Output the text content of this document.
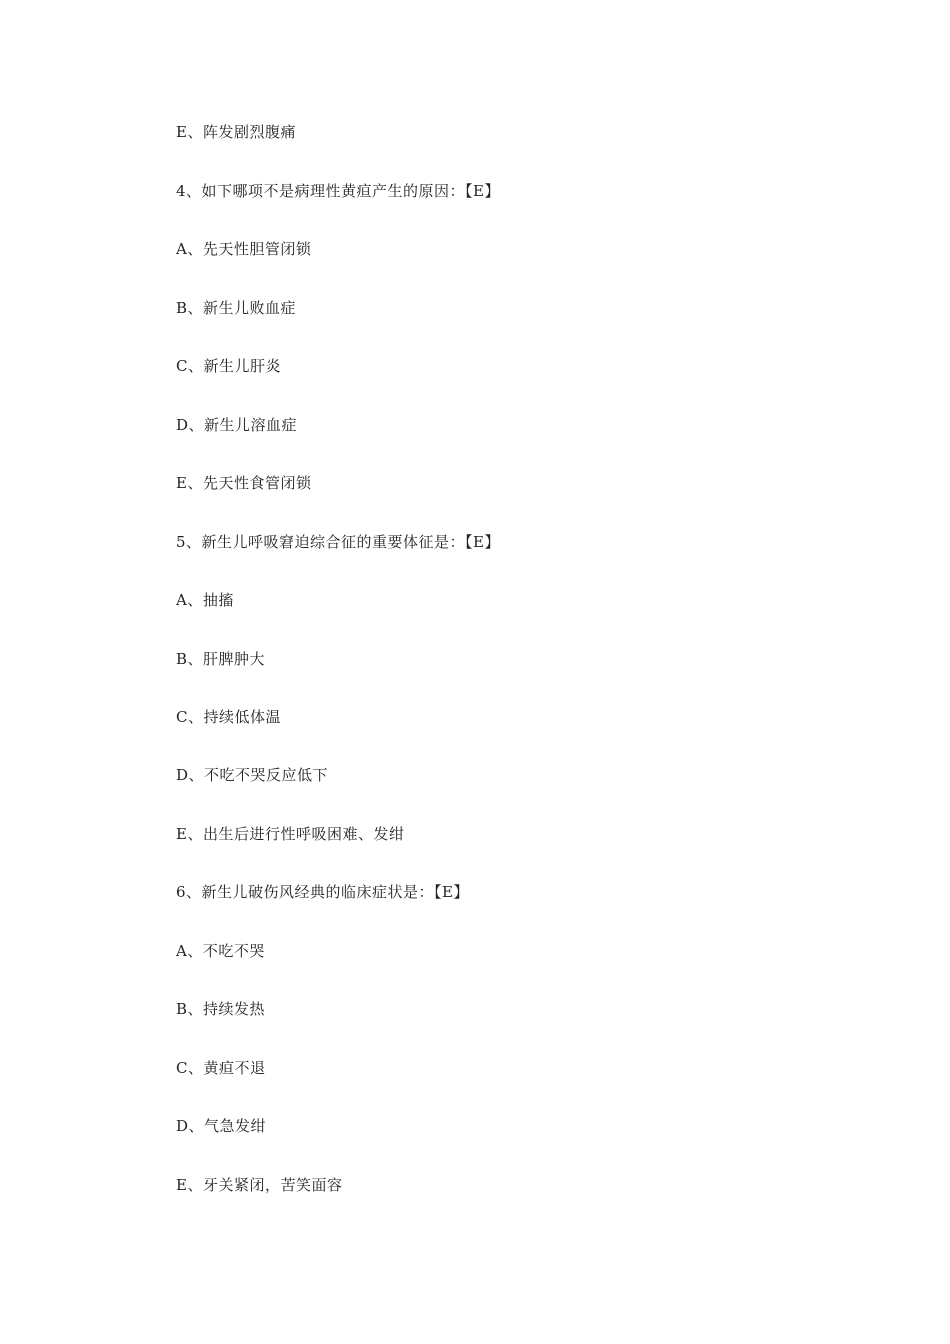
E、阵发剧烈腹痛
4、如下哪项不是病理性黄疸产生的原因：【E】
A、先天性胆管闭锁
B、新生儿败血症
C、新生儿肝炎
D、新生儿溶血症
E、先天性食管闭锁
5、新生儿呼吸窘迫综合征的重要体征是：【E】
A、抽搐
B、肝脾肿大
C、持续低体温
D、不吃不哭反应低下
E、出生后进行性呼吸困难、发绀
6、新生儿破伤风经典的临床症状是：【E】
A、不吃不哭
B、持续发热
C、黄疸不退
D、气急发绀
E、牙关紧闭，苦笑面容
